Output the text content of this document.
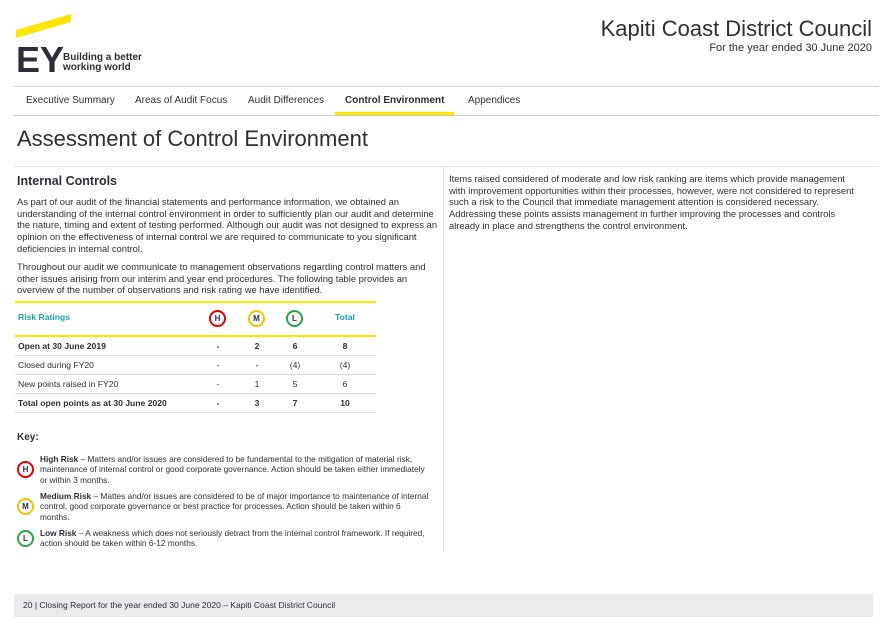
EY
Building a better
working world
Kapiti Coast District Council
For the year ended 30 June 2020
Executive Summary	Areas of Audit Focus	Audit Differences	Control Environment	Appendices
Assessment of Control Environment
Internal Controls
As part of our audit of the financial statements and performance information, we obtained an understanding of the internal control environment in order to sufficiently plan our audit and determine the nature, timing and extent of testing performed. Although our audit was not designed to express an opinion on the effectiveness of internal control we are required to communicate to you significant deficiencies in internal control.
Throughout our audit we communicate to management observations regarding control matters and other issues arising from our interim and year end procedures. The following table provides an overview of the number of observations and risk rating we have identified.
Items raised considered of moderate and low risk ranking are items which provide management with improvement opportunities within their processes, however, were not considered to represent such a risk to the Council that immediate management attention is considered necessary. Addressing these points assists management in further improving the processes and controls already in place and strengthens the control environment.
Risk Ratings	H	M	L	Total
Open at 30 June 2019	-	2	6	8
Closed during FY20	-	-	(4)	(4)
New points raised in FY20	-	1	5	6
Total open points as at 30 June 2020	-	3	7	10
Key:
H
High Risk – Matters and/or issues are considered to be fundamental to the mitigation of material risk, maintenance of internal control or good corporate governance. Action should be taken either immediately or within 3 months.
M
Medium Risk – Mattes and/or issues are considered to be of major importance to maintenance of internal control, good corporate governance or best practice for processes. Action should be taken within 6 months.
L
Low Risk – A weakness which does not seriously detract from the internal control framework. If required, action should be taken within 6-12 months.
20 | Closing Report for the year ended 30 June 2020 – Kapiti Coast District Council
